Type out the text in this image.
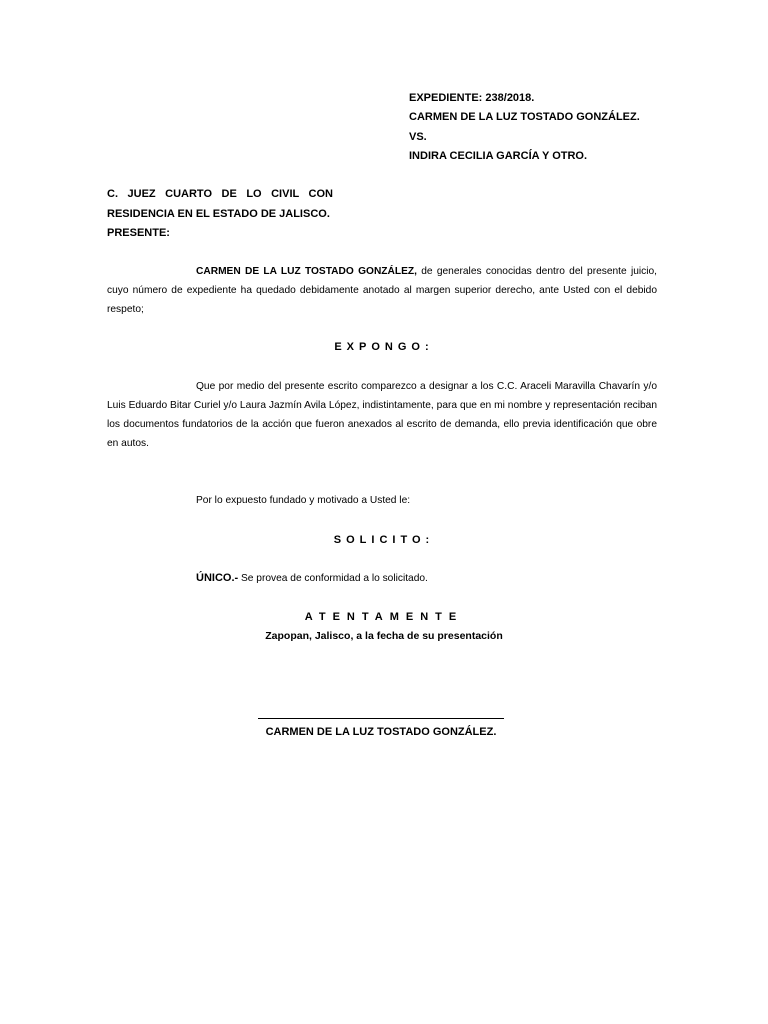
EXPEDIENTE: 238/2018.
CARMEN DE LA LUZ TOSTADO GONZÁLEZ.
VS.
INDIRA CECILIA GARCÍA Y OTRO.
C. JUEZ CUARTO DE LO CIVIL CON
RESIDENCIA EN EL ESTADO DE JALISCO.
PRESENTE:
CARMEN DE LA LUZ TOSTADO GONZÁLEZ, de generales conocidas dentro del presente juicio, cuyo número de expediente ha quedado debidamente anotado al margen superior derecho, ante Usted con el debido respeto;
EXPONGO:
Que por medio del presente escrito comparezco a designar a los C.C. Araceli Maravilla Chavarín y/o Luis Eduardo Bitar Curiel y/o Laura Jazmín Avila López, indistintamente, para que en mi nombre y representación reciban los documentos fundatorios de la acción que fueron anexados al escrito de demanda, ello previa identificación que obre en autos.
Por lo expuesto fundado y motivado a Usted le:
SOLICITO:
ÚNICO.- Se provea de conformidad a lo solicitado.
ATENTAMENTE
Zapopan, Jalisco, a la fecha de su presentación
CARMEN DE LA LUZ TOSTADO GONZÁLEZ.
